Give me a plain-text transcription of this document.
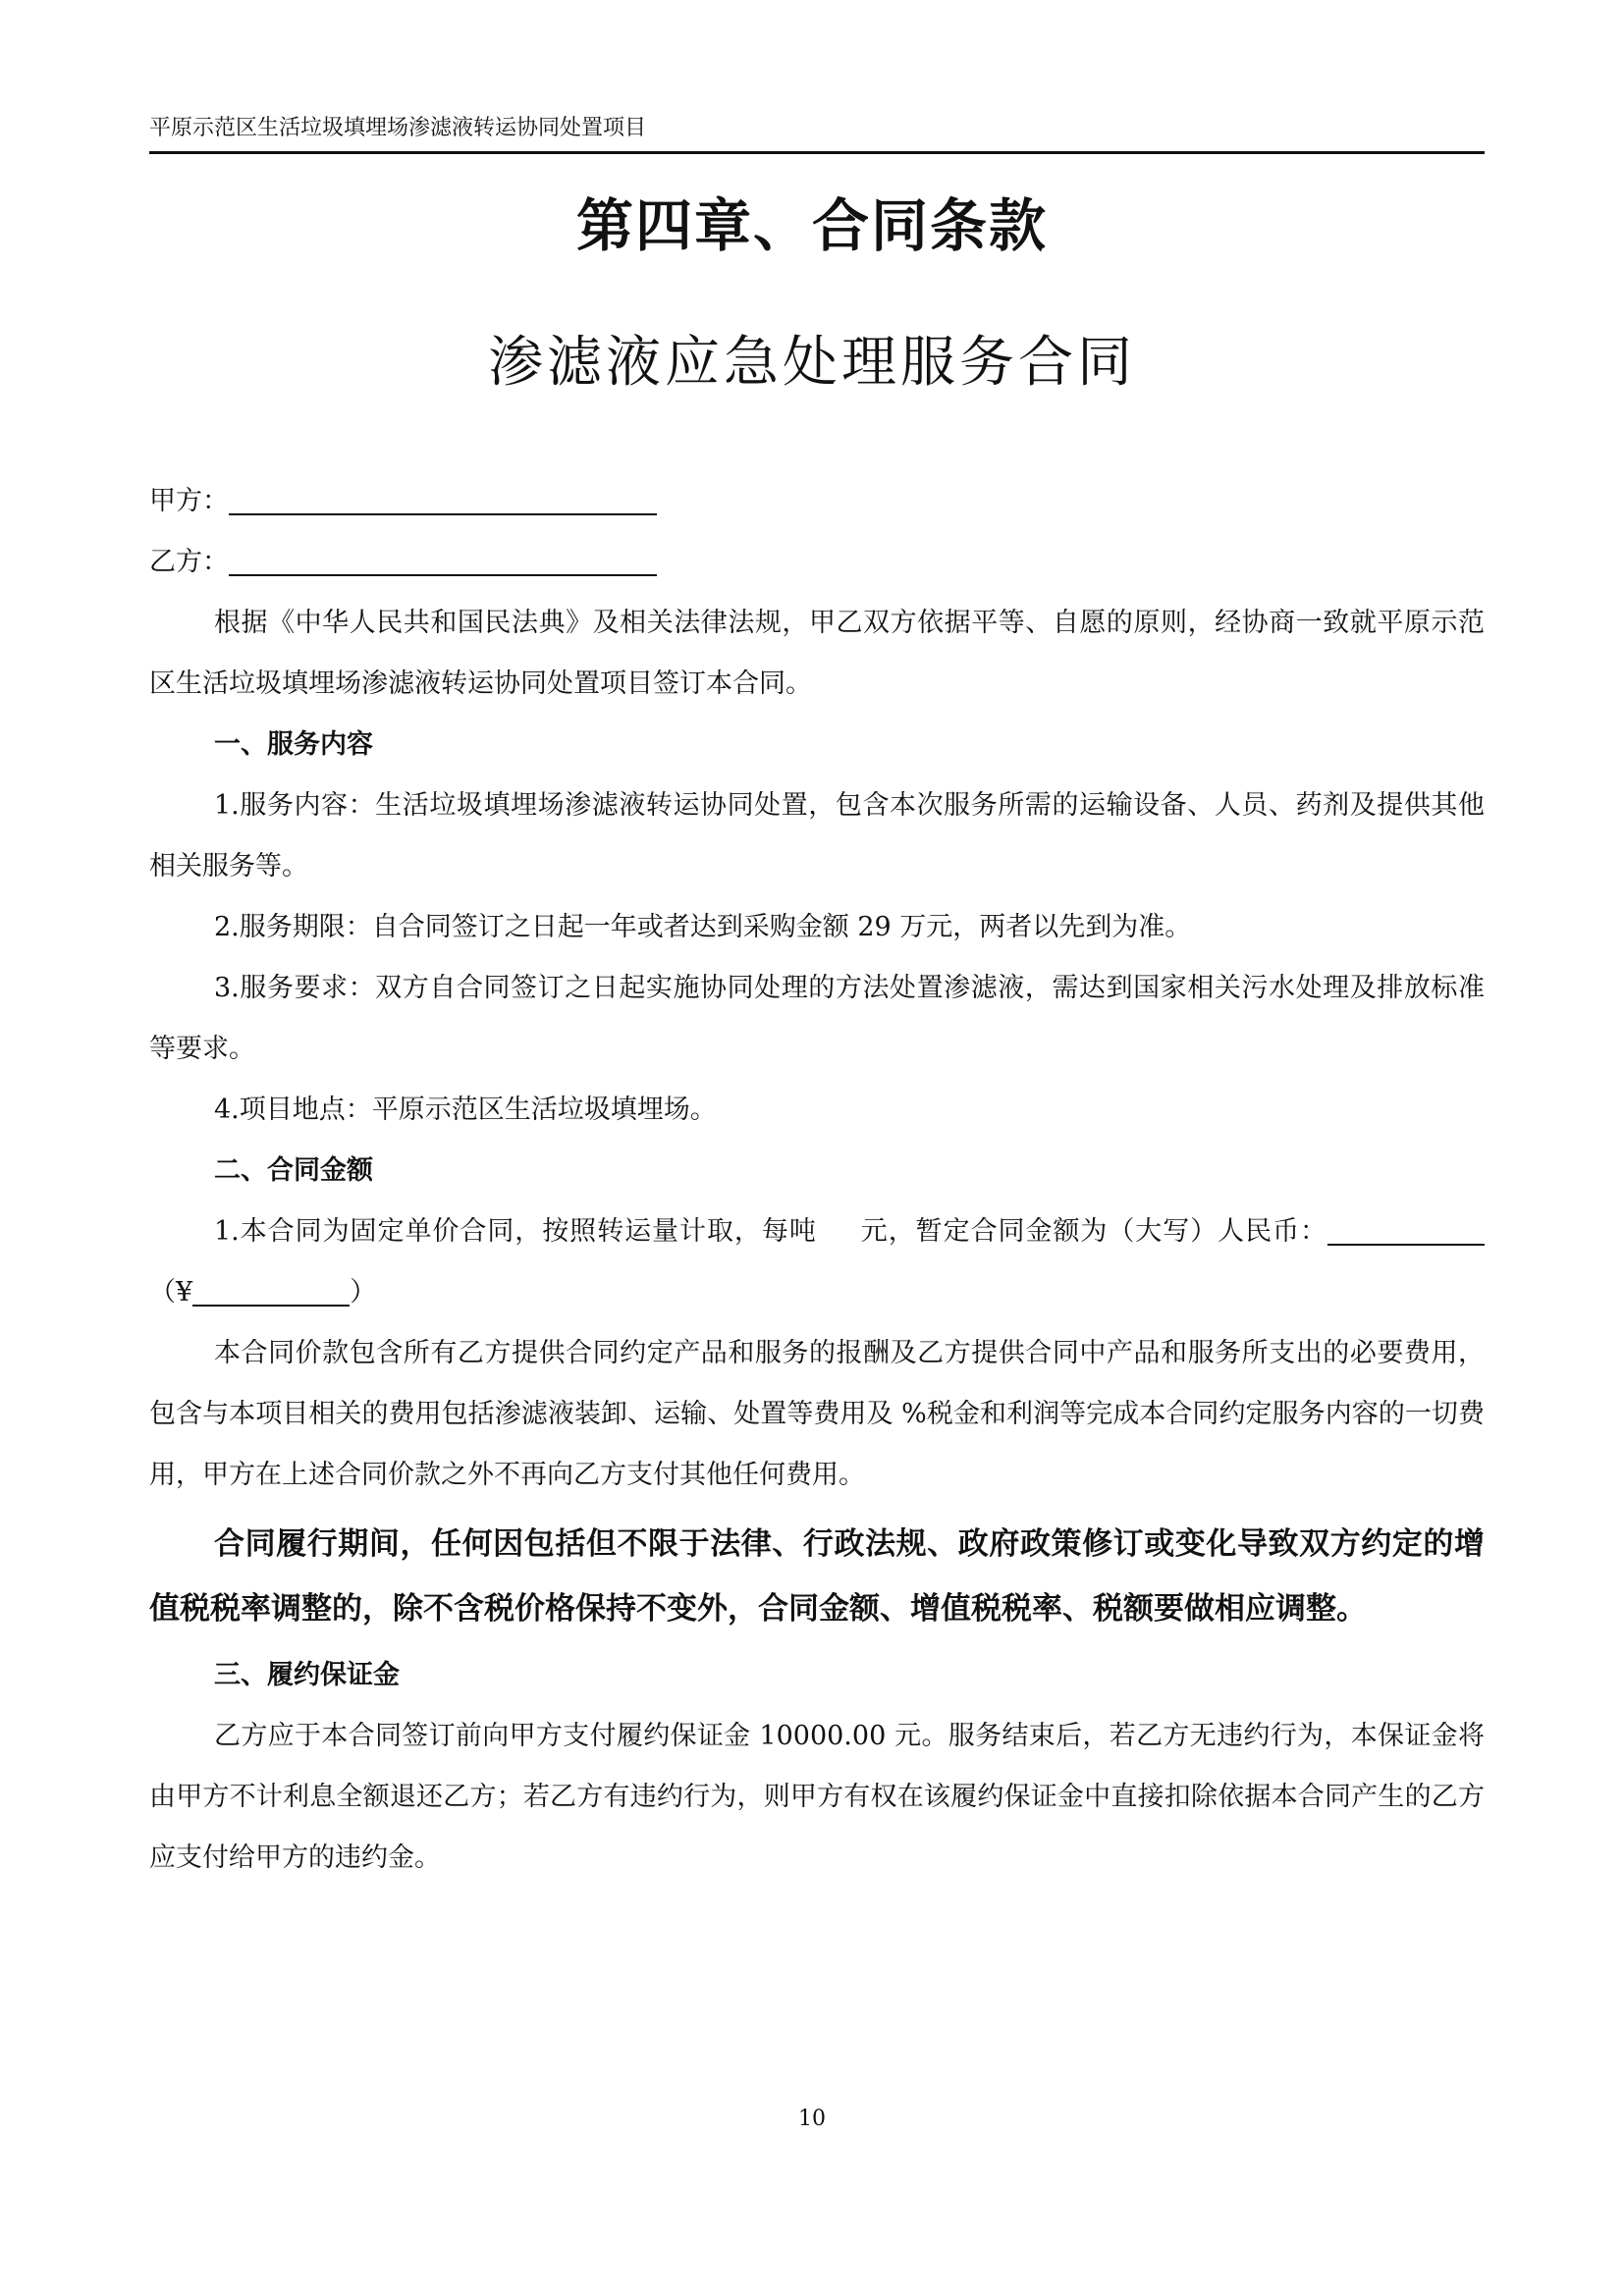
平原示范区生活垃圾填埋场渗滤液转运协同处置项目
第四章、合同条款
渗滤液应急处理服务合同

甲方：

乙方：

根据《中华人民共和国民法典》及相关法律法规，甲乙双方依据平等、自愿的原则，经协商一致就平原示范区生活垃圾填埋场渗滤液转运协同处置项目签订本合同。

一、服务内容

1.服务内容：生活垃圾填埋场渗滤液转运协同处置，包含本次服务所需的运输设备、人员、药剂及提供其他相关服务等。

2.服务期限：自合同签订之日起一年或者达到采购金额 29 万元，两者以先到为准。

3.服务要求：双方自合同签订之日起实施协同处理的方法处置渗滤液，需达到国家相关污水处理及排放标准等要求。

4.项目地点：平原示范区生活垃圾填埋场。

二、合同金额

1.本合同为固定单价合同，按照转运量计取，每吨 元，暂定合同金额为（大写）人民币：（¥	）

本合同价款包含所有乙方提供合同约定产品和服务的报酬及乙方提供合同中产品和服务所支出的必要费用，包含与本项目相关的费用包括渗滤液装卸、运输、处置等费用及 %税金和利润等完成本合同约定服务内容的一切费用，甲方在上述合同价款之外不再向乙方支付其他任何费用。

合同履行期间，任何因包括但不限于法律、行政法规、政府政策修订或变化导致双方约定的增值税税率调整的，除不含税价格保持不变外，合同金额、增值税税率、税额要做相应调整。

三、履约保证金

乙方应于本合同签订前向甲方支付履约保证金 10000.00 元。服务结束后，若乙方无违约行为，本保证金将由甲方不计利息全额退还乙方；若乙方有违约行为，则甲方有权在该履约保证金中直接扣除依据本合同产生的乙方应支付给甲方的违约金。

10
